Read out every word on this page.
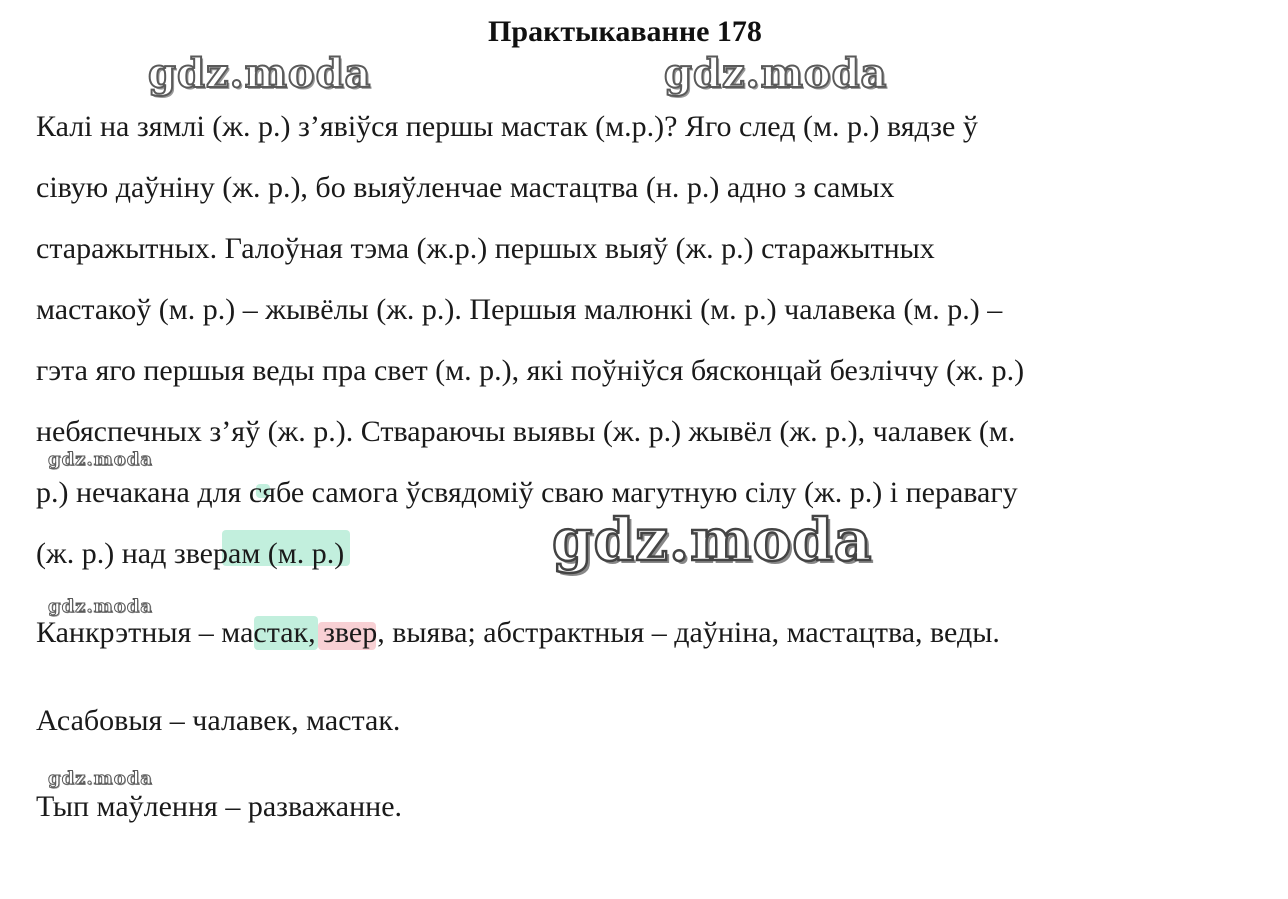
Практыкаванне 178
Калі на зямлі (ж. р.) з’явіўся першы мастак (м.р.)? Яго след (м. р.) вядзе ў
сівую даўніну (ж. р.), бо выяўленчае мастацтва (н. р.) адно з самых
старажытных. Галоўная тэма (ж.р.) першых выяў (ж. р.) старажытных
мастакоў (м. р.) – жывёлы (ж. р.). Першыя малюнкі (м. р.) чалавека (м. р.) –
гэта яго першыя веды пра свет (м. р.), які поўніўся бясконцай безліччу (ж. р.)
небяспечных з’яў (ж. р.). Ствараючы выявы (ж. р.) жывёл (ж. р.), чалавек (м.
р.) нечакана для сябе самога ўсвядоміў сваю магутную сілу (ж. р.) і перавагу
(ж. р.) над зверам (м. р.)
Канкрэтныя – мастак, звер, выява; абстрактныя – даўніна, мастацтва, веды.
Асабовыя – чалавек, мастак.
Тып маўлення – разважанне.
gdz.moda	gdz.moda
gdz.moda
gdz.moda
gdz.moda
gdz.moda
